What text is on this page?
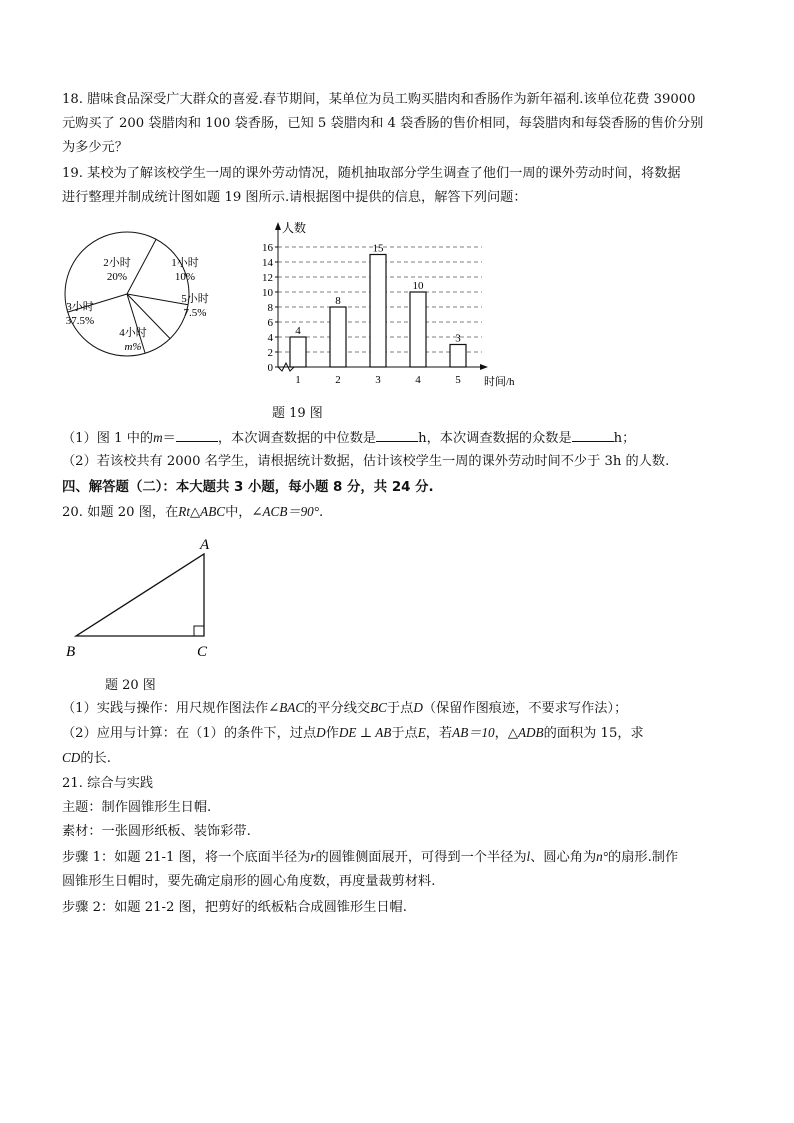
18. 腊味食品深受广大群众的喜爱.春节期间，某单位为员工购买腊肉和香肠作为新年福利.该单位花费 39000
元购买了 200 袋腊肉和 100 袋香肠，已知 5 袋腊肉和 4 袋香肠的售价相同，每袋腊肉和每袋香肠的售价分别
为多少元？
19. 某校为了解该校学生一周的课外劳动情况，随机抽取部分学生调查了他们一周的课外劳动时间，将数据
进行整理并制成统计图如题 19 图所示.请根据图中提供的信息，解答下列问题：
1小时
10%
5小时
7.5%
4小时
m%
3小时
37.5%
2小时
20%
0
2
4
6
8
10
12
14
16
4
1
8
2
15
3
10
4
3
5
人数
时间/h
题 19 图
（1）图 1 中的m＝	，本次调查数据的中位数是	h，本次调查数据的众数是	h；
（2）若该校共有 2000 名学生，请根据统计数据，估计该校学生一周的课外劳动时间不少于 3h 的人数.
四、解答题（二）：本大题共 3 小题，每小题 8 分，共 24 分.
20. 如题 20 图，在Rt△ABC中，∠ACB＝90°.
A
B	C
题 20 图
（1）实践与操作：用尺规作图法作∠BAC的平分线交BC于点D（保留作图痕迹，不要求写作法）；
（2）应用与计算：在（1）的条件下，过点D作DE ⊥ AB于点E，若AB＝10，△ADB的面积为 15，求
CD的长.
21. 综合与实践
主题：制作圆锥形生日帽.
素材：一张圆形纸板、装饰彩带.
步骤 1：如题 21-1 图，将一个底面半径为r的圆锥侧面展开，可得到一个半径为l、圆心角为n°的扇形.制作
圆锥形生日帽时，要先确定扇形的圆心角度数，再度量裁剪材料.
步骤 2：如题 21-2 图，把剪好的纸板粘合成圆锥形生日帽.
